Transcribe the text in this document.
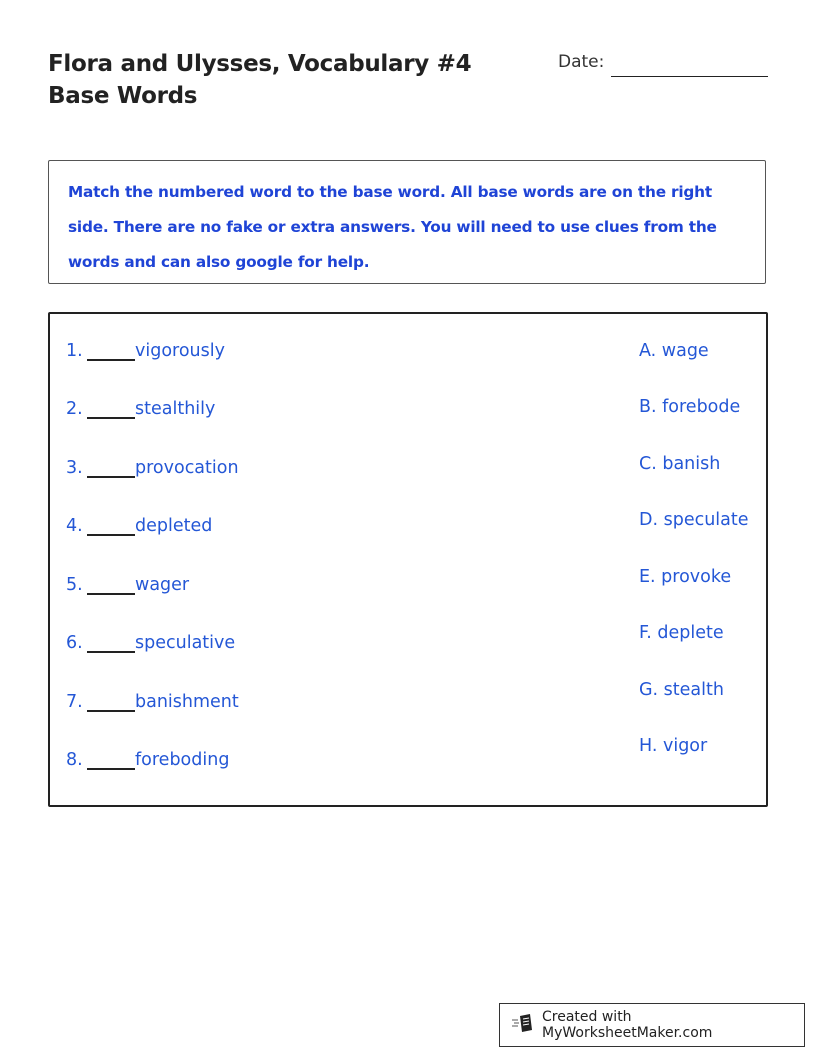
Flora and Ulysses, Vocabulary #4 Base Words
Date:

Match the numbered word to the base word. All base words are on the right side. There are no fake or extra answers. You will need to use clues from the words and can also google for help.

1.	vigorously
2.	stealthily
3.	provocation
4.	depleted
5.	wager
6.	speculative
7.	banishment
8.	foreboding
A. wage
B. forebode
C. banish
D. speculate
E. provoke
F. deplete
G. stealth
H. vigor
Created with MyWorksheetMaker.com
